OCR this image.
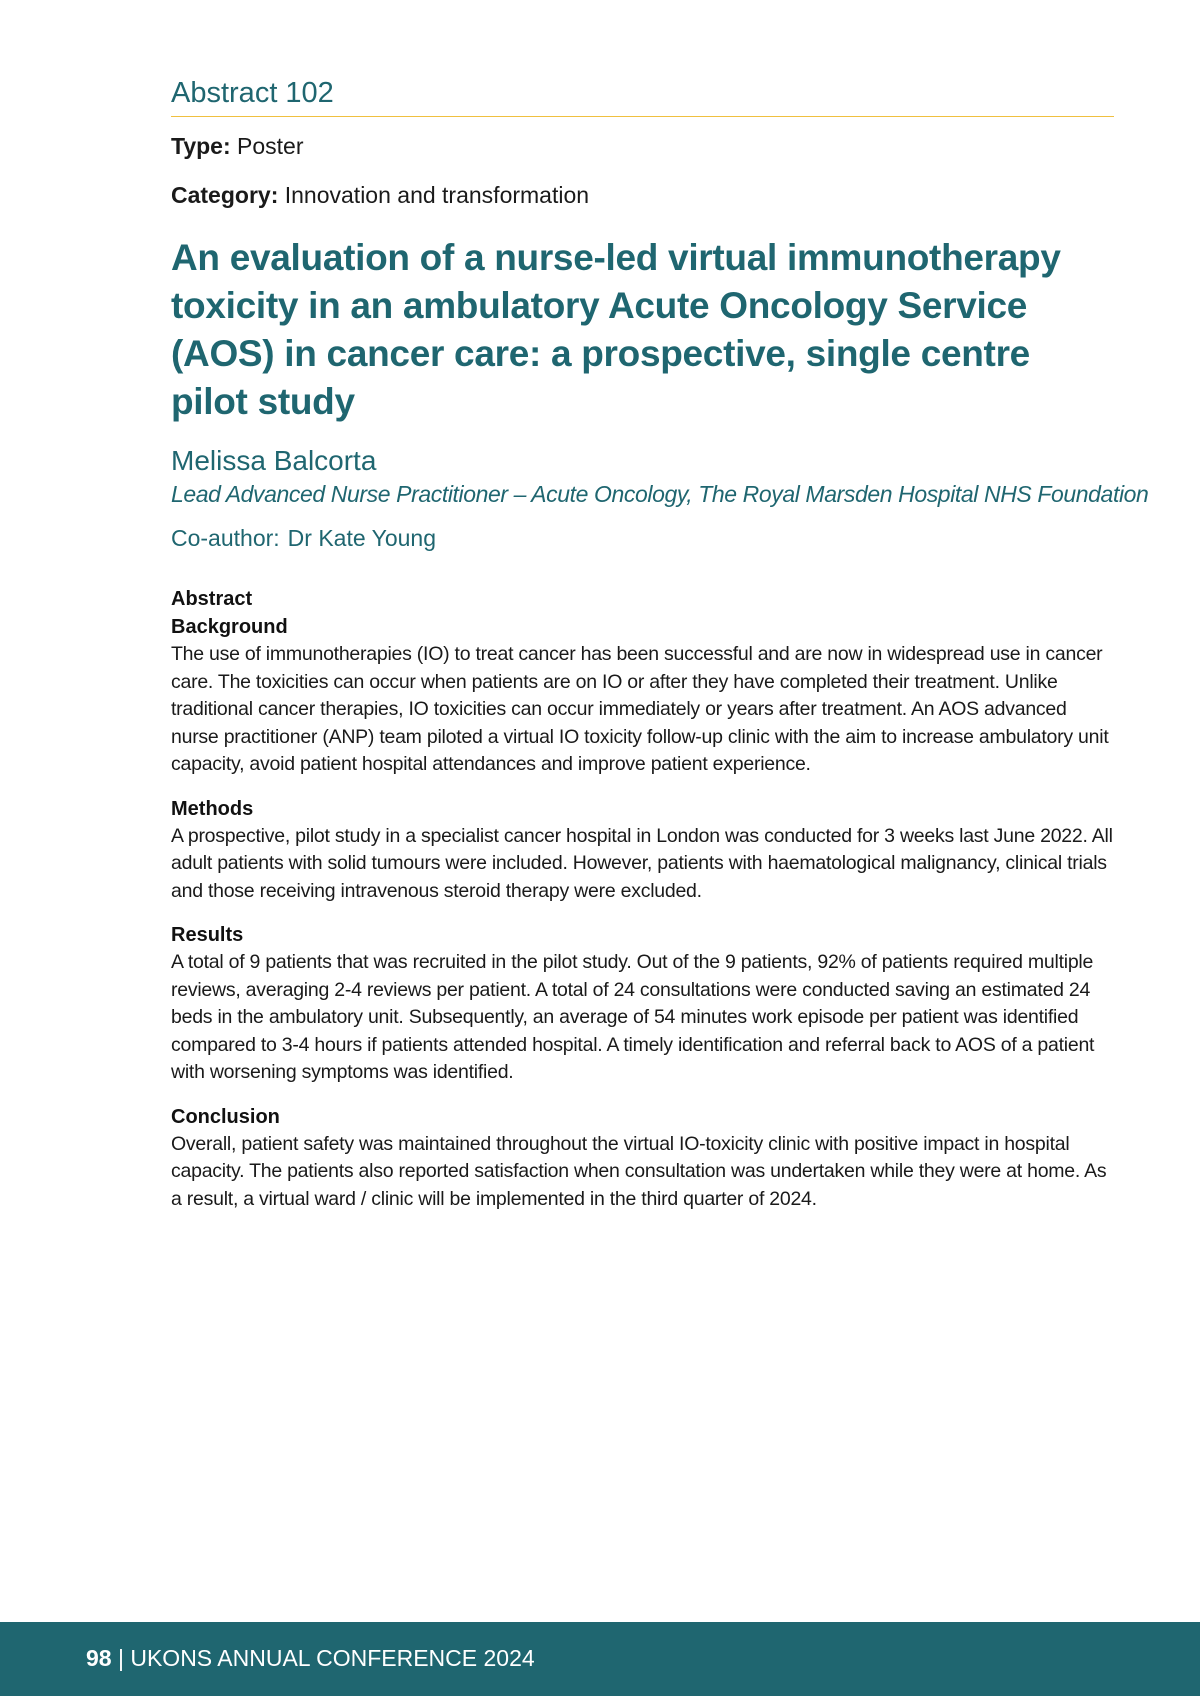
Abstract 102
Type: Poster
Category: Innovation and transformation
An evaluation of a nurse-led virtual immunotherapy toxicity in an ambulatory Acute Oncology Service (AOS) in cancer care: a prospective, single centre pilot study
Melissa Balcorta
Lead Advanced Nurse Practitioner – Acute Oncology, The Royal Marsden Hospital NHS Foundation
Co-author: Dr Kate Young
Abstract
Background
The use of immunotherapies (IO) to treat cancer has been successful and are now in widespread use in cancer care. The toxicities can occur when patients are on IO or after they have completed their treatment. Unlike traditional cancer therapies, IO toxicities can occur immediately or years after treatment. An AOS advanced nurse practitioner (ANP) team piloted a virtual IO toxicity follow-up clinic with the aim to increase ambulatory unit capacity, avoid patient hospital attendances and improve patient experience.
Methods
A prospective, pilot study in a specialist cancer hospital in London was conducted for 3 weeks last June 2022. All adult patients with solid tumours were included. However, patients with haematological malignancy, clinical trials and those receiving intravenous steroid therapy were excluded.
Results
A total of 9 patients that was recruited in the pilot study. Out of the 9 patients, 92% of patients required multiple reviews, averaging 2-4 reviews per patient. A total of 24 consultations were conducted saving an estimated 24 beds in the ambulatory unit. Subsequently, an average of 54 minutes work episode per patient was identified compared to 3-4 hours if patients attended hospital. A timely identification and referral back to AOS of a patient with worsening symptoms was identified.
Conclusion
Overall, patient safety was maintained throughout the virtual IO-toxicity clinic with positive impact in hospital capacity. The patients also reported satisfaction when consultation was undertaken while they were at home. As a result, a virtual ward / clinic will be implemented in the third quarter of 2024.
98 | UKONS ANNUAL CONFERENCE 2024
